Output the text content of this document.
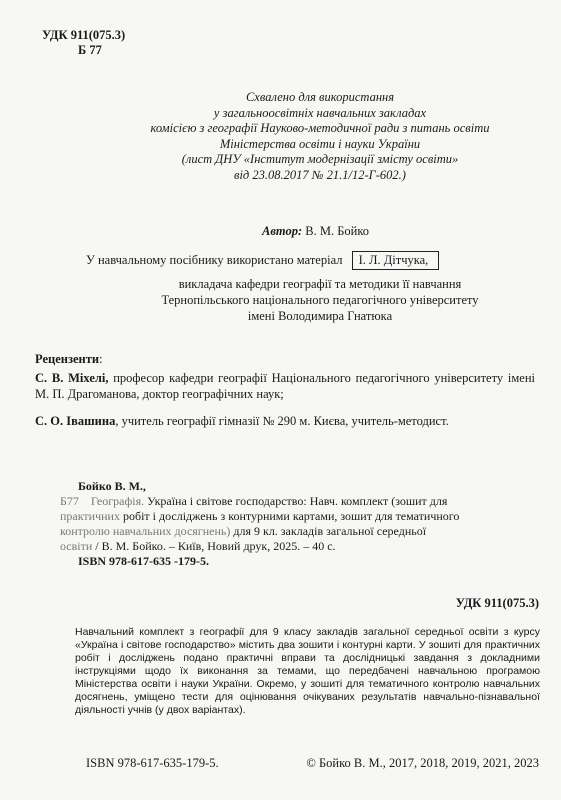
УДК 911(075.3)
Б 77
Схвалено для використання
у загальноосвітніх навчальних закладах
комісією з географії Науково-методичної ради з питань освіти
Міністерства освіти і науки України
(лист ДНУ «Інститут модернізації змісту освіти»
від 23.08.2017 № 21.1/12-Г-602.)
Автор: В. М. Бойко
У навчальному посібнику використано матеріал І. Л. Дітчука,
викладача кафедри географії та методики її навчання
Тернопільського національного педагогічного університету
імені Володимира Гнатюка
Рецензенти:
С. В. Міхелі, професор кафедри географії Національного педагогічного університету імені М. П. Драгоманова, доктор географічних наук;
С. О. Івашина, учитель географії гімназії № 290 м. Києва, учитель-методист.
Бойко В. М.,
Б77 Географія. Україна і світове господарство: Навч. комплект (зошит для
практичних робіт і досліджень з контурними картами, зошит для тематичного
контролю навчальних досягнень) для 9 кл. закладів загальної середньої
освіти / В. М. Бойко. – Київ, Новий друк, 2025. – 40 с.
ISBN 978-617-635 -179-5.
УДК 911(075.3)
Навчальний комплект з географії для 9 класу закладів загальної середньої освіти з курсу «Україна і світове господарство» містить два зошити і контурні карти. У зошиті для практичних робіт і досліджень подано практичні вправи та дослідницькі завдання з докладними інструкціями щодо їх виконання за темами, що передбачені навчальною програмою Міністерства освіти і науки України. Окремо, у зошиті для тематичного контролю навчальних досягнень, уміщено тести для оцінювання очікуваних результатів навчально-пізнавальної діяльності учнів (у двох варіантах).
ISBN 978-617-635-179-5.	© Бойко В. М., 2017, 2018, 2019, 2021, 2023
